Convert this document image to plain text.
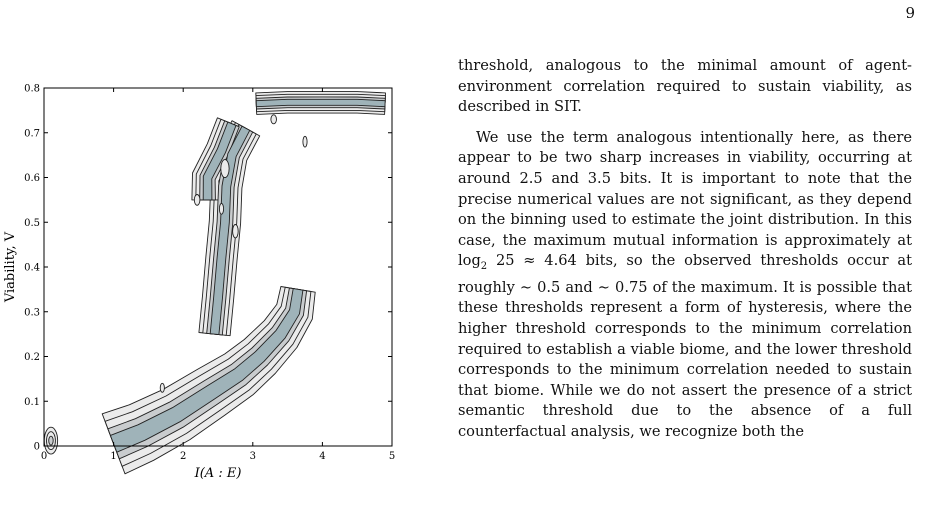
9
0	1	2	3	4	5
0
0.1
0.2
0.3
0.4
0.5
0.6
0.7
0.8
I(A : E)
Viability, V

threshold, analogous to the minimal amount of agent-environment correlation required to sustain viability, as described in SIT.

We use the term analogous intentionally here, as there appear to be two sharp increases in viability, occurring at around 2.5 and 3.5 bits. It is important to note that the precise numerical values are not significant, as they depend on the binning used to estimate the joint distribution. In this case, the maximum mutual information is approximately at $\log_2 25 \approx 4.64$ bits, so the observed thresholds occur at roughly ∼ 0.5 and ∼ 0.75 of the maximum. It is possible that these thresholds represent a form of hysteresis, where the higher threshold corresponds to the minimum correlation required to establish a viable biome, and the lower threshold corresponds to the minimum correlation needed to sustain that biome. While we do not assert the presence of a strict semantic threshold due to the absence of a full counterfactual analysis, we recognize both the
